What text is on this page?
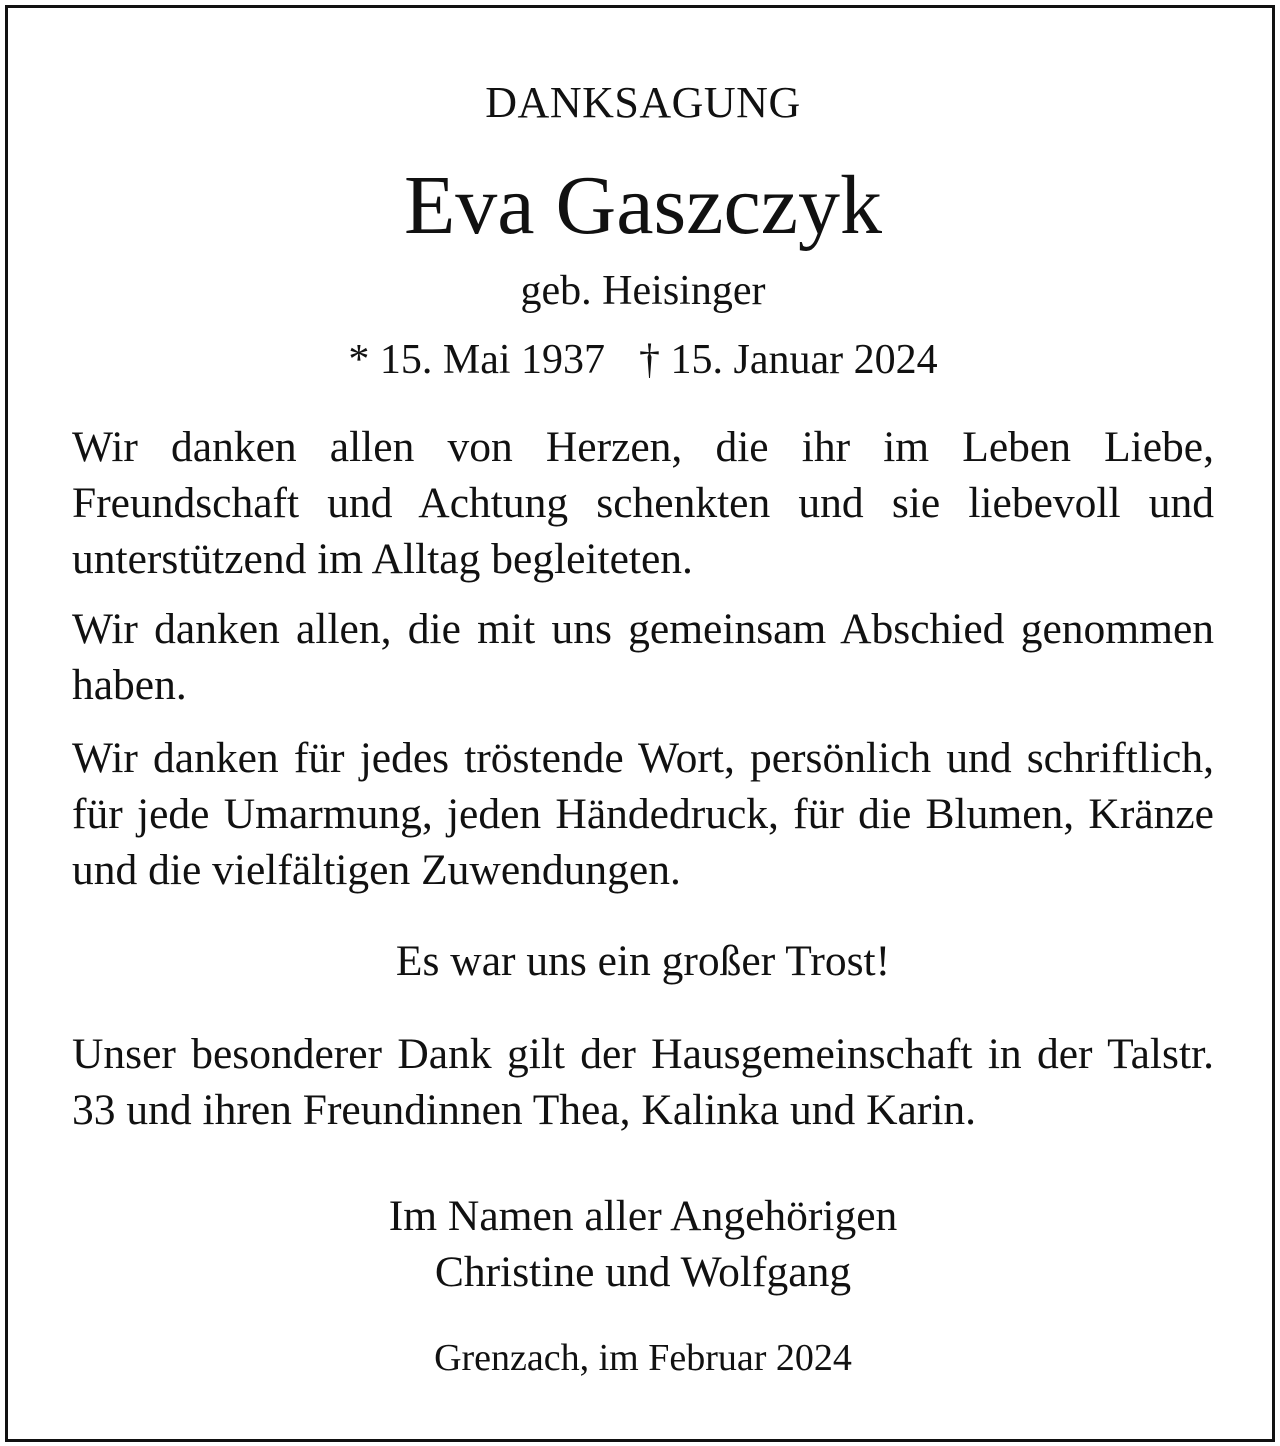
DANKSAGUNG
Eva Gaszczyk
geb. Heisinger
* 15. Mai 1937 † 15. Januar 2024

Wir danken allen von Herzen, die ihr im Leben Liebe, Freundschaft und Achtung schenkten und sie liebevoll und unterstützend im Alltag begleiteten.

Wir danken allen, die mit uns gemeinsam Abschied genommen haben.

Wir danken für jedes tröstende Wort, persönlich und schriftlich, für jede Umarmung, jeden Händedruck, für die Blumen, Kränze und die vielfältigen Zuwendungen.

Es war uns ein großer Trost!

Unser besonderer Dank gilt der Hausgemeinschaft in der Talstr. 33 und ihren Freundinnen Thea, Kalinka und Karin.

Im Namen aller Angehörigen
Christine und Wolfgang
Grenzach, im Februar 2024
